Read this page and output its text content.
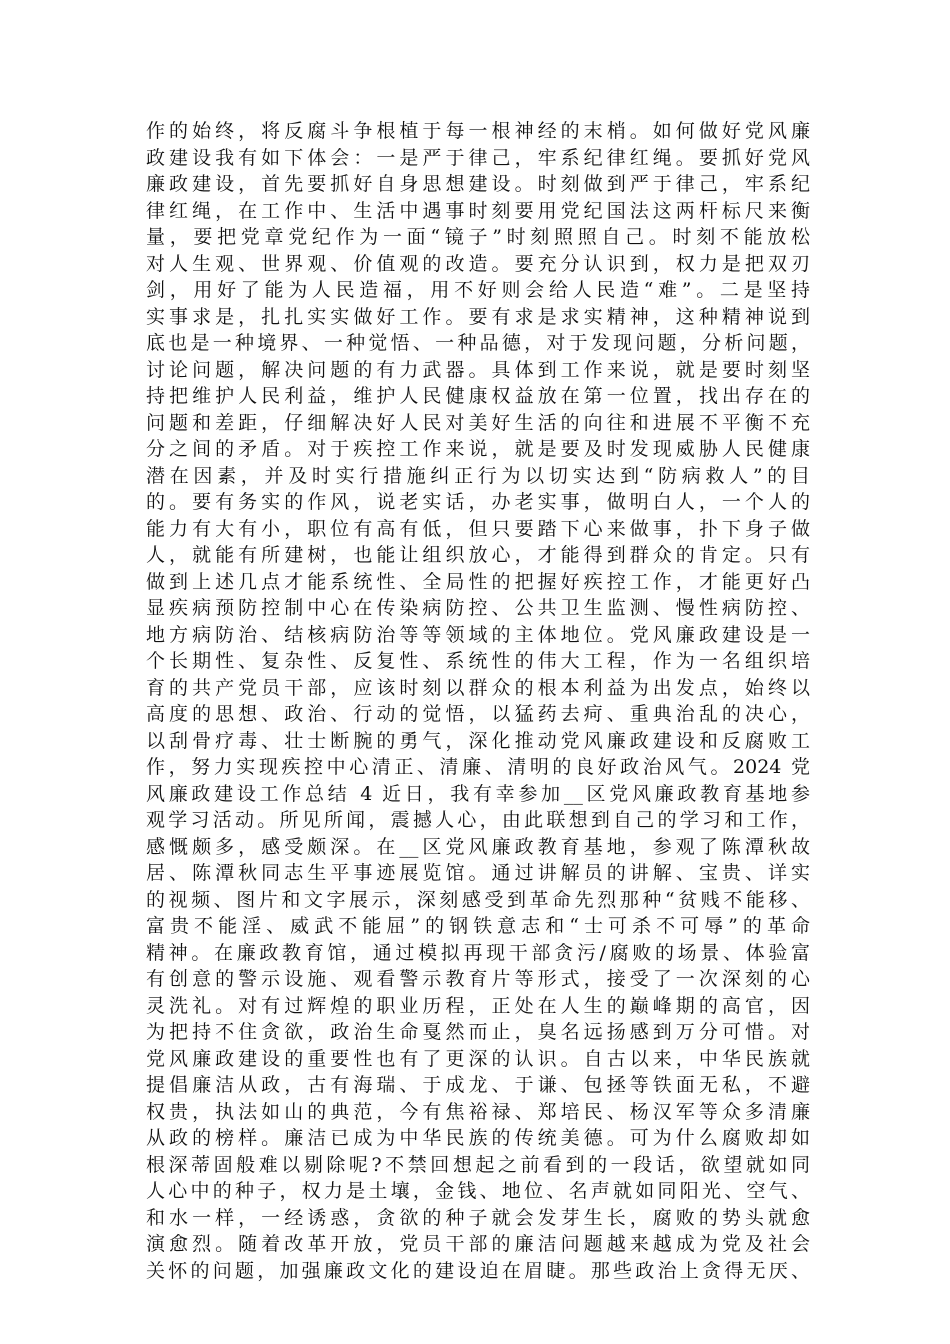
作的始终，将反腐斗争根植于每一根神经的末梢。如何做好党风廉
政建设我有如下体会：一是严于律己，牢系纪律红绳。要抓好党风
廉政建设，首先要抓好自身思想建设。时刻做到严于律己，牢系纪
律红绳，在工作中、生活中遇事时刻要用党纪国法这两杆标尺来衡
量，要把党章党纪作为一面“镜子”时刻照照自己。时刻不能放松
对人生观、世界观、价值观的改造。要充分认识到，权力是把双刃
剑，用好了能为人民造福，用不好则会给人民造“难”。二是坚持
实事求是，扎扎实实做好工作。要有求是求实精神，这种精神说到
底也是一种境界、一种觉悟、一种品德，对于发现问题，分析问题，
讨论问题，解决问题的有力武器。具体到工作来说，就是要时刻坚
持把维护人民利益，维护人民健康权益放在第一位置，找出存在的
问题和差距，仔细解决好人民对美好生活的向往和进展不平衡不充
分之间的矛盾。对于疾控工作来说，就是要及时发现威胁人民健康
潜在因素，并及时实行措施纠正行为以切实达到“防病救人”的目
的。要有务实的作风，说老实话，办老实事，做明白人，一个人的
能力有大有小，职位有高有低，但只要踏下心来做事，扑下身子做
人，就能有所建树，也能让组织放心，才能得到群众的肯定。只有
做到上述几点才能系统性、全局性的把握好疾控工作，才能更好凸
显疾病预防控制中心在传染病防控、公共卫生监测、慢性病防控、
地方病防治、结核病防治等等领域的主体地位。党风廉政建设是一
个长期性、复杂性、反复性、系统性的伟大工程，作为一名组织培
育的共产党员干部，应该时刻以群众的根本利益为出发点，始终以
高度的思想、政治、行动的觉悟，以猛药去疴、重典治乱的决心，
以刮骨疗毒、壮士断腕的勇气，深化推动党风廉政建设和反腐败工
作，努力实现疾控中心清正、清廉、清明的良好政治风气。2024 党
风廉政建设工作总结 4 近日，我有幸参加__区党风廉政教育基地参
观学习活动。所见所闻，震撼人心，由此联想到自己的学习和工作，
感慨颇多，感受颇深。在__区党风廉政教育基地，参观了陈潭秋故
居、陈潭秋同志生平事迹展览馆。通过讲解员的讲解、宝贵、详实
的视频、图片和文字展示，深刻感受到革命先烈那种“贫贱不能移、
富贵不能淫、威武不能屈”的钢铁意志和“士可杀不可辱”的革命
精神。在廉政教育馆，通过模拟再现干部贪污/腐败的场景、体验富
有创意的警示设施、观看警示教育片等形式，接受了一次深刻的心
灵洗礼。对有过辉煌的职业历程，正处在人生的巅峰期的高官，因
为把持不住贪欲，政治生命戛然而止，臭名远扬感到万分可惜。对
党风廉政建设的重要性也有了更深的认识。自古以来，中华民族就
提倡廉洁从政，古有海瑞、于成龙、于谦、包拯等铁面无私，不避
权贵，执法如山的典范，今有焦裕禄、郑培民、杨汉军等众多清廉
从政的榜样。廉洁已成为中华民族的传统美德。可为什么腐败却如
根深蒂固般难以剔除呢?不禁回想起之前看到的一段话，欲望就如同
人心中的种子，权力是土壤，金钱、地位、名声就如同阳光、空气、
和水一样，一经诱惑，贪欲的种子就会发芽生长，腐败的势头就愈
演愈烈。随着改革开放，党员干部的廉洁问题越来越成为党及社会
关怀的问题，加强廉政文化的建设迫在眉睫。那些政治上贪得无厌、
